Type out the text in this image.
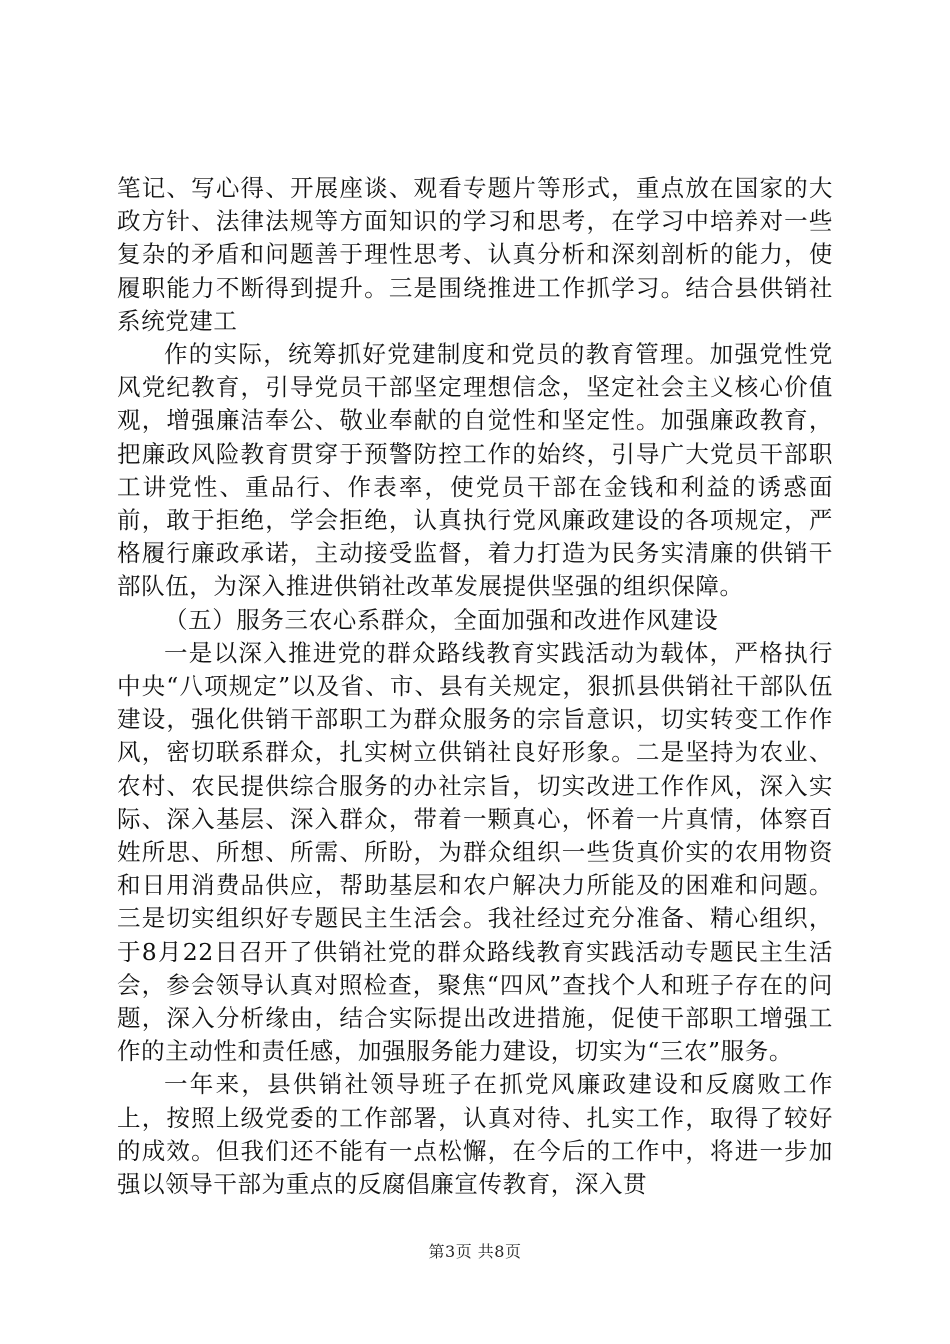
笔记、写心得、开展座谈、观看专题片等形式，重点放在国家的大政方针、法律法规等方面知识的学习和思考，在学习中培养对一些复杂的矛盾和问题善于理性思考、认真分析和深刻剖析的能力，使履职能力不断得到提升。三是围绕推进工作抓学习。结合县供销社系统党建工

作的实际，统筹抓好党建制度和党员的教育管理。加强党性党风党纪教育，引导党员干部坚定理想信念，坚定社会主义核心价值观，增强廉洁奉公、敬业奉献的自觉性和坚定性。加强廉政教育，把廉政风险教育贯穿于预警防控工作的始终，引导广大党员干部职工讲党性、重品行、作表率，使党员干部在金钱和利益的诱惑面前，敢于拒绝，学会拒绝，认真执行党风廉政建设的各项规定，严格履行廉政承诺，主动接受监督，着力打造为民务实清廉的供销干部队伍，为深入推进供销社改革发展提供坚强的组织保障。

（五）服务三农心系群众，全面加强和改进作风建设

一是以深入推进党的群众路线教育实践活动为载体，严格执行中央“八项规定”以及省、市、县有关规定，狠抓县供销社干部队伍建设，强化供销干部职工为群众服务的宗旨意识，切实转变工作作风，密切联系群众，扎实树立供销社良好形象。二是坚持为农业、农村、农民提供综合服务的办社宗旨，切实改进工作作风，深入实际、深入基层、深入群众，带着一颗真心，怀着一片真情，体察百姓所思、所想、所需、所盼，为群众组织一些货真价实的农用物资和日用消费品供应，帮助基层和农户解决力所能及的困难和问题。三是切实组织好专题民主生活会。我社经过充分准备、精心组织，于8月22日召开了供销社党的群众路线教育实践活动专题民主生活会，参会领导认真对照检查，聚焦“四风”查找个人和班子存在的问题，深入分析缘由，结合实际提出改进措施，促使干部职工增强工作的主动性和责任感，加强服务能力建设，切实为“三农”服务。

一年来，县供销社领导班子在抓党风廉政建设和反腐败工作上，按照上级党委的工作部署，认真对待、扎实工作，取得了较好的成效。但我们还不能有一点松懈，在今后的工作中，将进一步加强以领导干部为重点的反腐倡廉宣传教育，深入贯

第3页 共8页
